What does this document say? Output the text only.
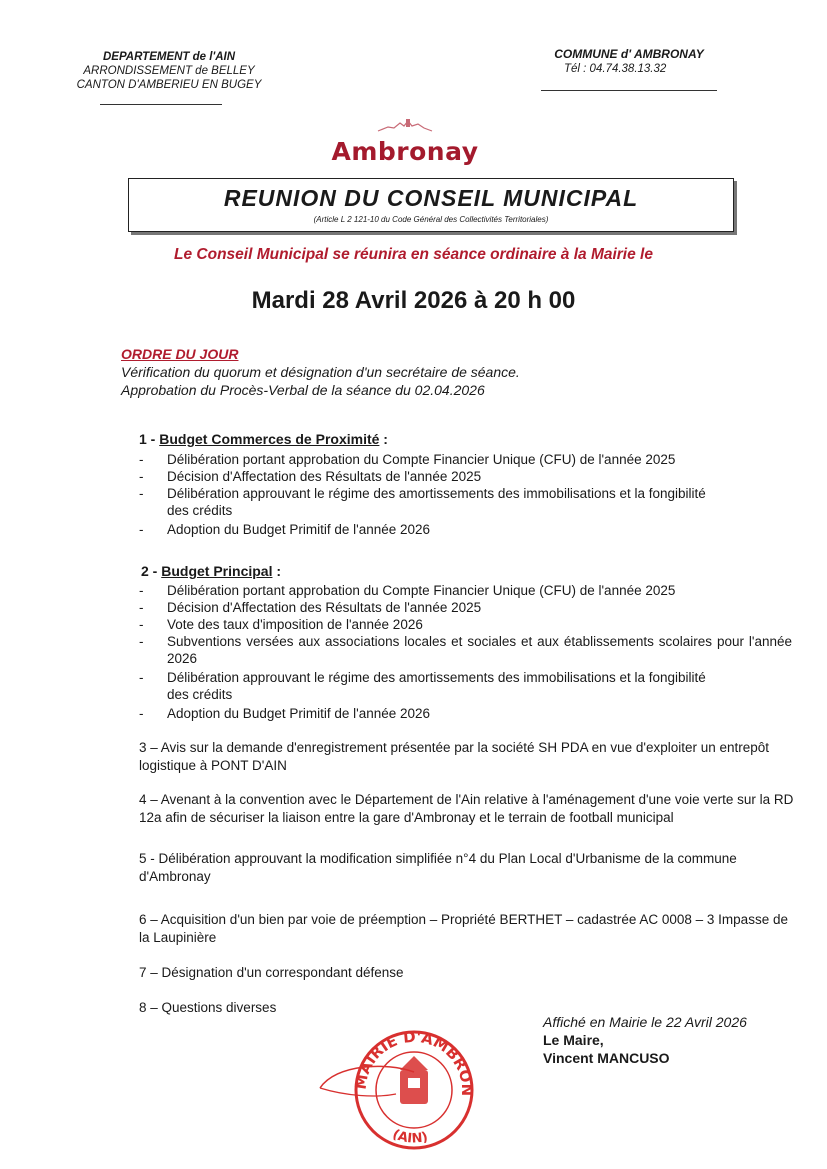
DEPARTEMENT de l'AIN
ARRONDISSEMENT de BELLEY
CANTON D'AMBERIEU EN BUGEY
COMMUNE d' AMBRONAY
Tél : 04.74.38.13.32
Ambronay
REUNION DU CONSEIL MUNICIPAL
(Article L 2 121-10 du Code Général des Collectivités Territoriales)
Le Conseil Municipal se réunira en séance ordinaire à la Mairie le
Mardi 28 Avril 2026 à 20 h 00
ORDRE DU JOUR
Vérification du quorum et désignation d'un secrétaire de séance.
Approbation du Procès-Verbal de la séance du 02.04.2026
1 - Budget Commerces de Proximité :
- Délibération portant approbation du Compte Financier Unique (CFU) de l'année 2025
- Décision d'Affectation des Résultats de l'année 2025
- Délibération approuvant le régime des amortissements des immobilisations et la fongibilité des crédits
- Adoption du Budget Primitif de l'année 2026
2 - Budget Principal :
- Délibération portant approbation du Compte Financier Unique (CFU) de l'année 2025
- Décision d'Affectation des Résultats de l'année 2025
- Vote des taux d'imposition de l'année 2026
- Subventions versées aux associations locales et sociales et aux établissements scolaires pour l'année 2026
- Délibération approuvant le régime des amortissements des immobilisations et la fongibilité des crédits
- Adoption du Budget Primitif de l'année 2026
3 – Avis sur la demande d'enregistrement présentée par la société SH PDA en vue d'exploiter un entrepôt logistique à PONT D'AIN
4 – Avenant à la convention avec le Département de l'Ain relative à l'aménagement d'une voie verte sur la RD 12a afin de sécuriser la liaison entre la gare d'Ambronay et le terrain de football municipal
5 - Délibération approuvant la modification simplifiée n°4 du Plan Local d'Urbanisme de la commune d'Ambronay
6 – Acquisition d'un bien par voie de préemption – Propriété BERTHET – cadastrée AC 0008 – 3 Impasse de la Laupinière
7 – Désignation d'un correspondant défense
8 – Questions diverses
MAIRIE D'AMBRON
(AIN)
Affiché en Mairie le 22 Avril 2026
Le Maire,
Vincent MANCUSO
